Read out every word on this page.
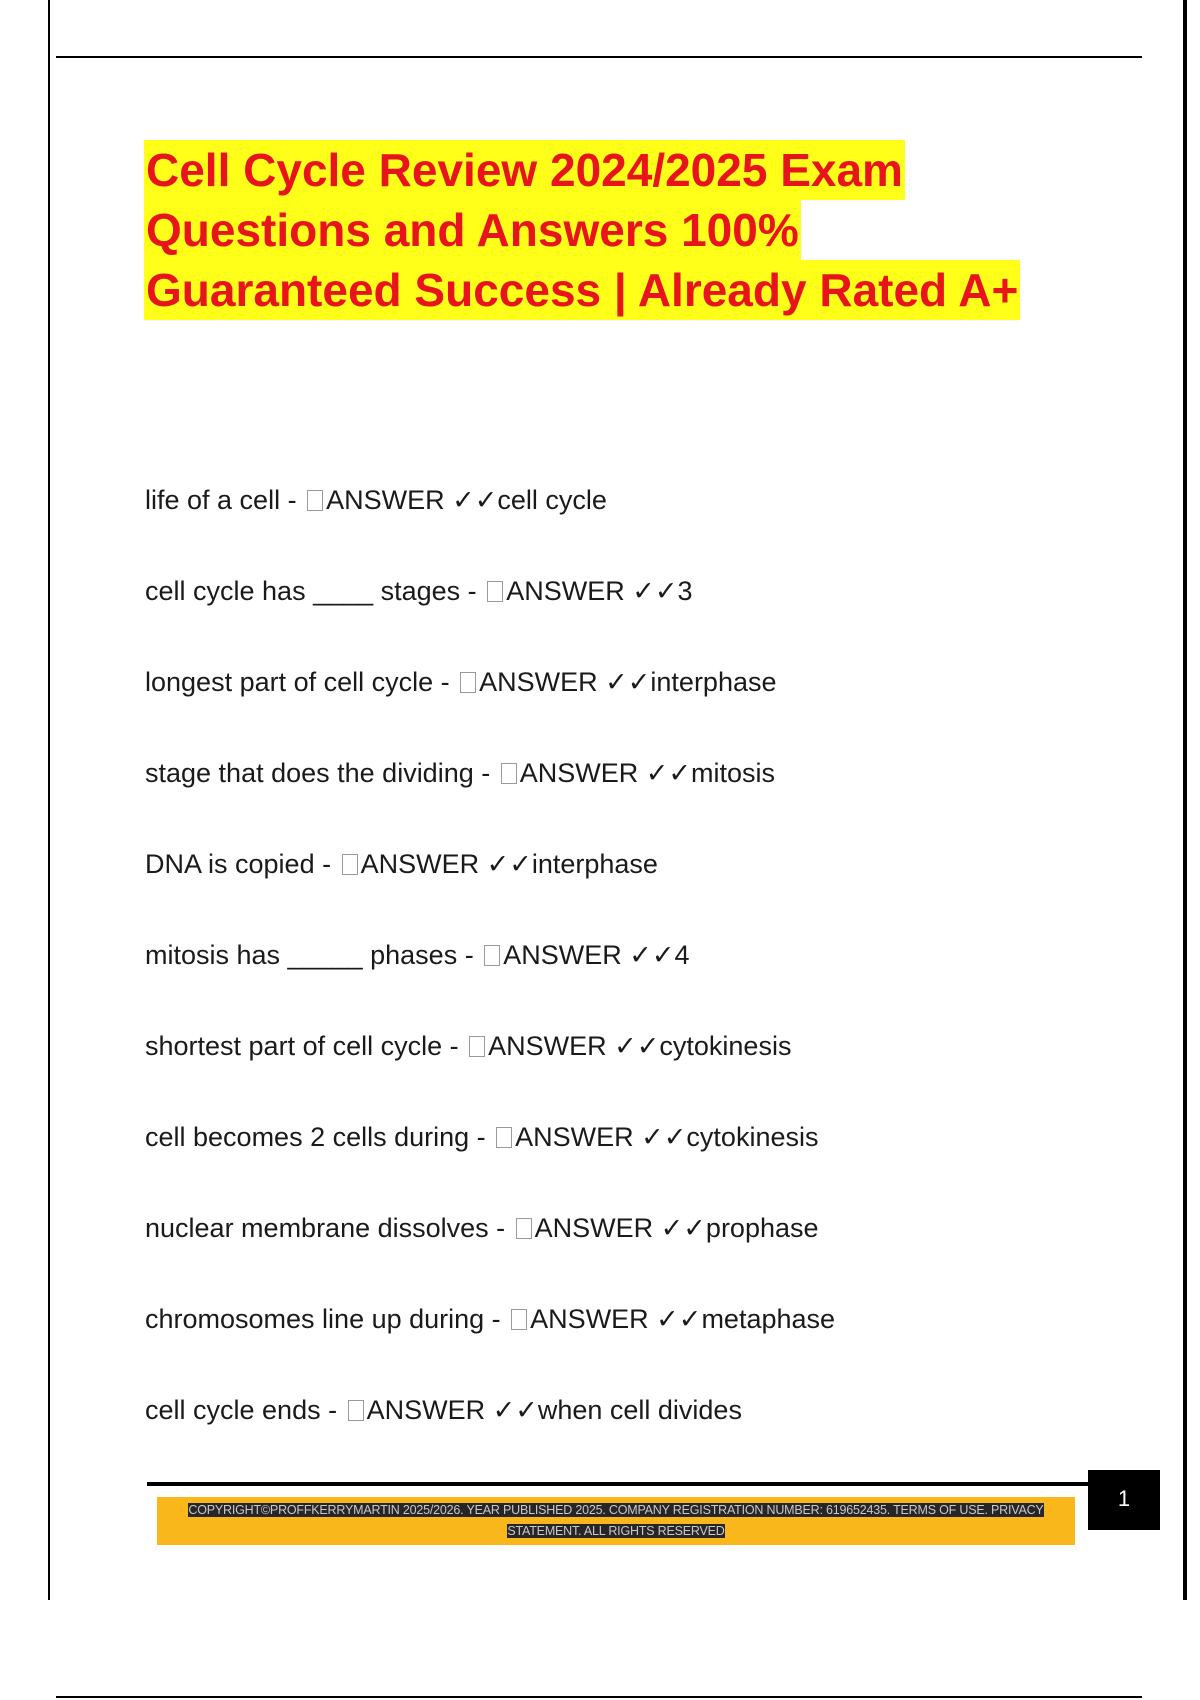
Cell Cycle Review 2024/2025 Exam
Questions and Answers 100%
Guaranteed Success | Already Rated A+
life of a cell - ANSWER ✓✓cell cycle
cell cycle has ____ stages - ANSWER ✓✓3
longest part of cell cycle - ANSWER ✓✓interphase
stage that does the dividing - ANSWER ✓✓mitosis
DNA is copied - ANSWER ✓✓interphase
mitosis has _____ phases - ANSWER ✓✓4
shortest part of cell cycle - ANSWER ✓✓cytokinesis
cell becomes 2 cells during - ANSWER ✓✓cytokinesis
nuclear membrane dissolves - ANSWER ✓✓prophase
chromosomes line up during - ANSWER ✓✓metaphase
cell cycle ends - ANSWER ✓✓when cell divides
1
COPYRIGHT©PROFFKERRYMARTIN 2025/2026. YEAR PUBLISHED 2025. COMPANY REGISTRATION NUMBER: 619652435. TERMS OF USE. PRIVACY STATEMENT. ALL RIGHTS RESERVED
